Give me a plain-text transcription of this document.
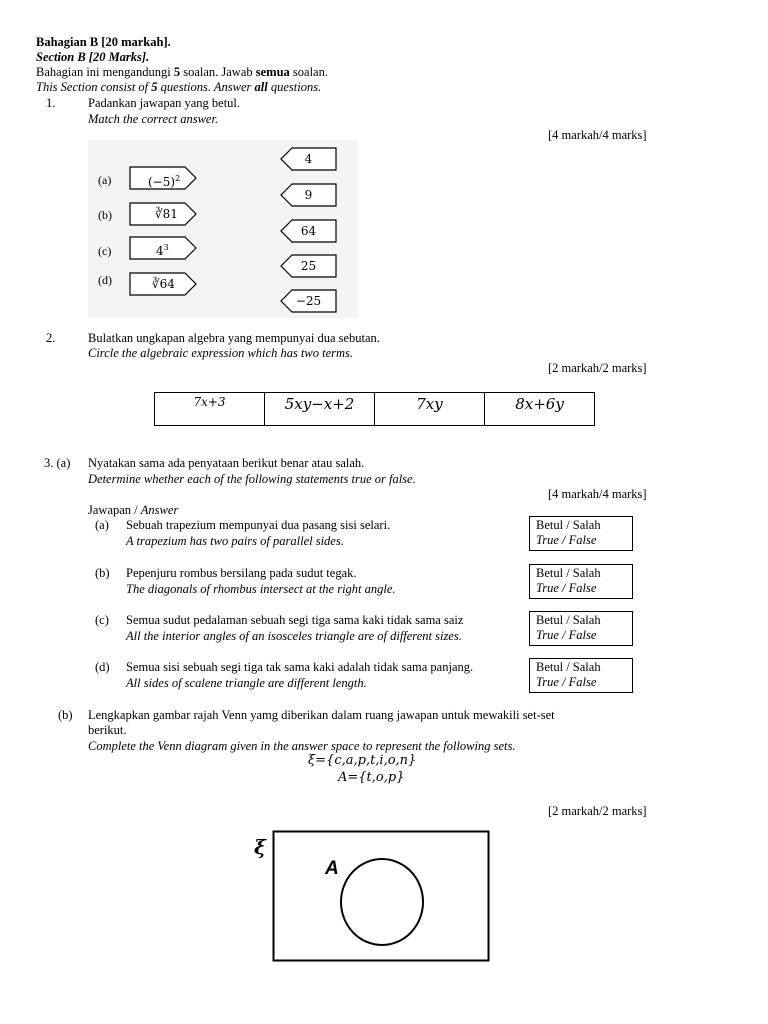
Bahagian B [20 markah].
Section B [20 Marks].
Bahagian ini mengandungi 5 soalan. Jawab semua soalan.
This Section consist of 5 questions. Answer all questions.
1.	Padankan jawapan yang betul.
Match the correct answer.
[4 markah/4 marks]
(a)
(b)
(c)
(d)
$(-5)^2$
∛81
$4^3$
∛64
4
9
64
25
−25
2.	Bulatkan ungkapan algebra yang mempunyai dua sebutan.
Circle the algebraic expression which has two terms.
[2 markah/2 marks]
7x+3	5xy−x+2	7xy	8x+6y
3. (a) Nyatakan sama ada penyataan berikut benar atau salah.
Determine whether each of the following statements true or false.
[4 markah/4 marks]
Jawapan / Answer
(a) Sebuah trapezium mempunyai dua pasang sisi selari.
A trapezium has two pairs of parallel sides.
Betul / Salah
True / False
(b) Pepenjuru rombus bersilang pada sudut tegak.
The diagonals of rhombus intersect at the right angle.
Betul / Salah
True / False
(c) Semua sudut pedalaman sebuah segi tiga sama kaki tidak sama saiz
All the interior angles of an isosceles triangle are of different sizes.
Betul / Salah
True / False
(d) Semua sisi sebuah segi tiga tak sama kaki adalah tidak sama panjang.
All sides of scalene triangle are different length.
Betul / Salah
True / False
(b) Lengkapkan gambar rajah Venn yamg diberikan dalam ruang jawapan untuk mewakili set-set
berikut.
Complete the Venn diagram given in the answer space to represent the following sets.
ξ={c,a,p,t,i,o,n}
A={t,o,p}
[2 markah/2 marks]
ξ
A
